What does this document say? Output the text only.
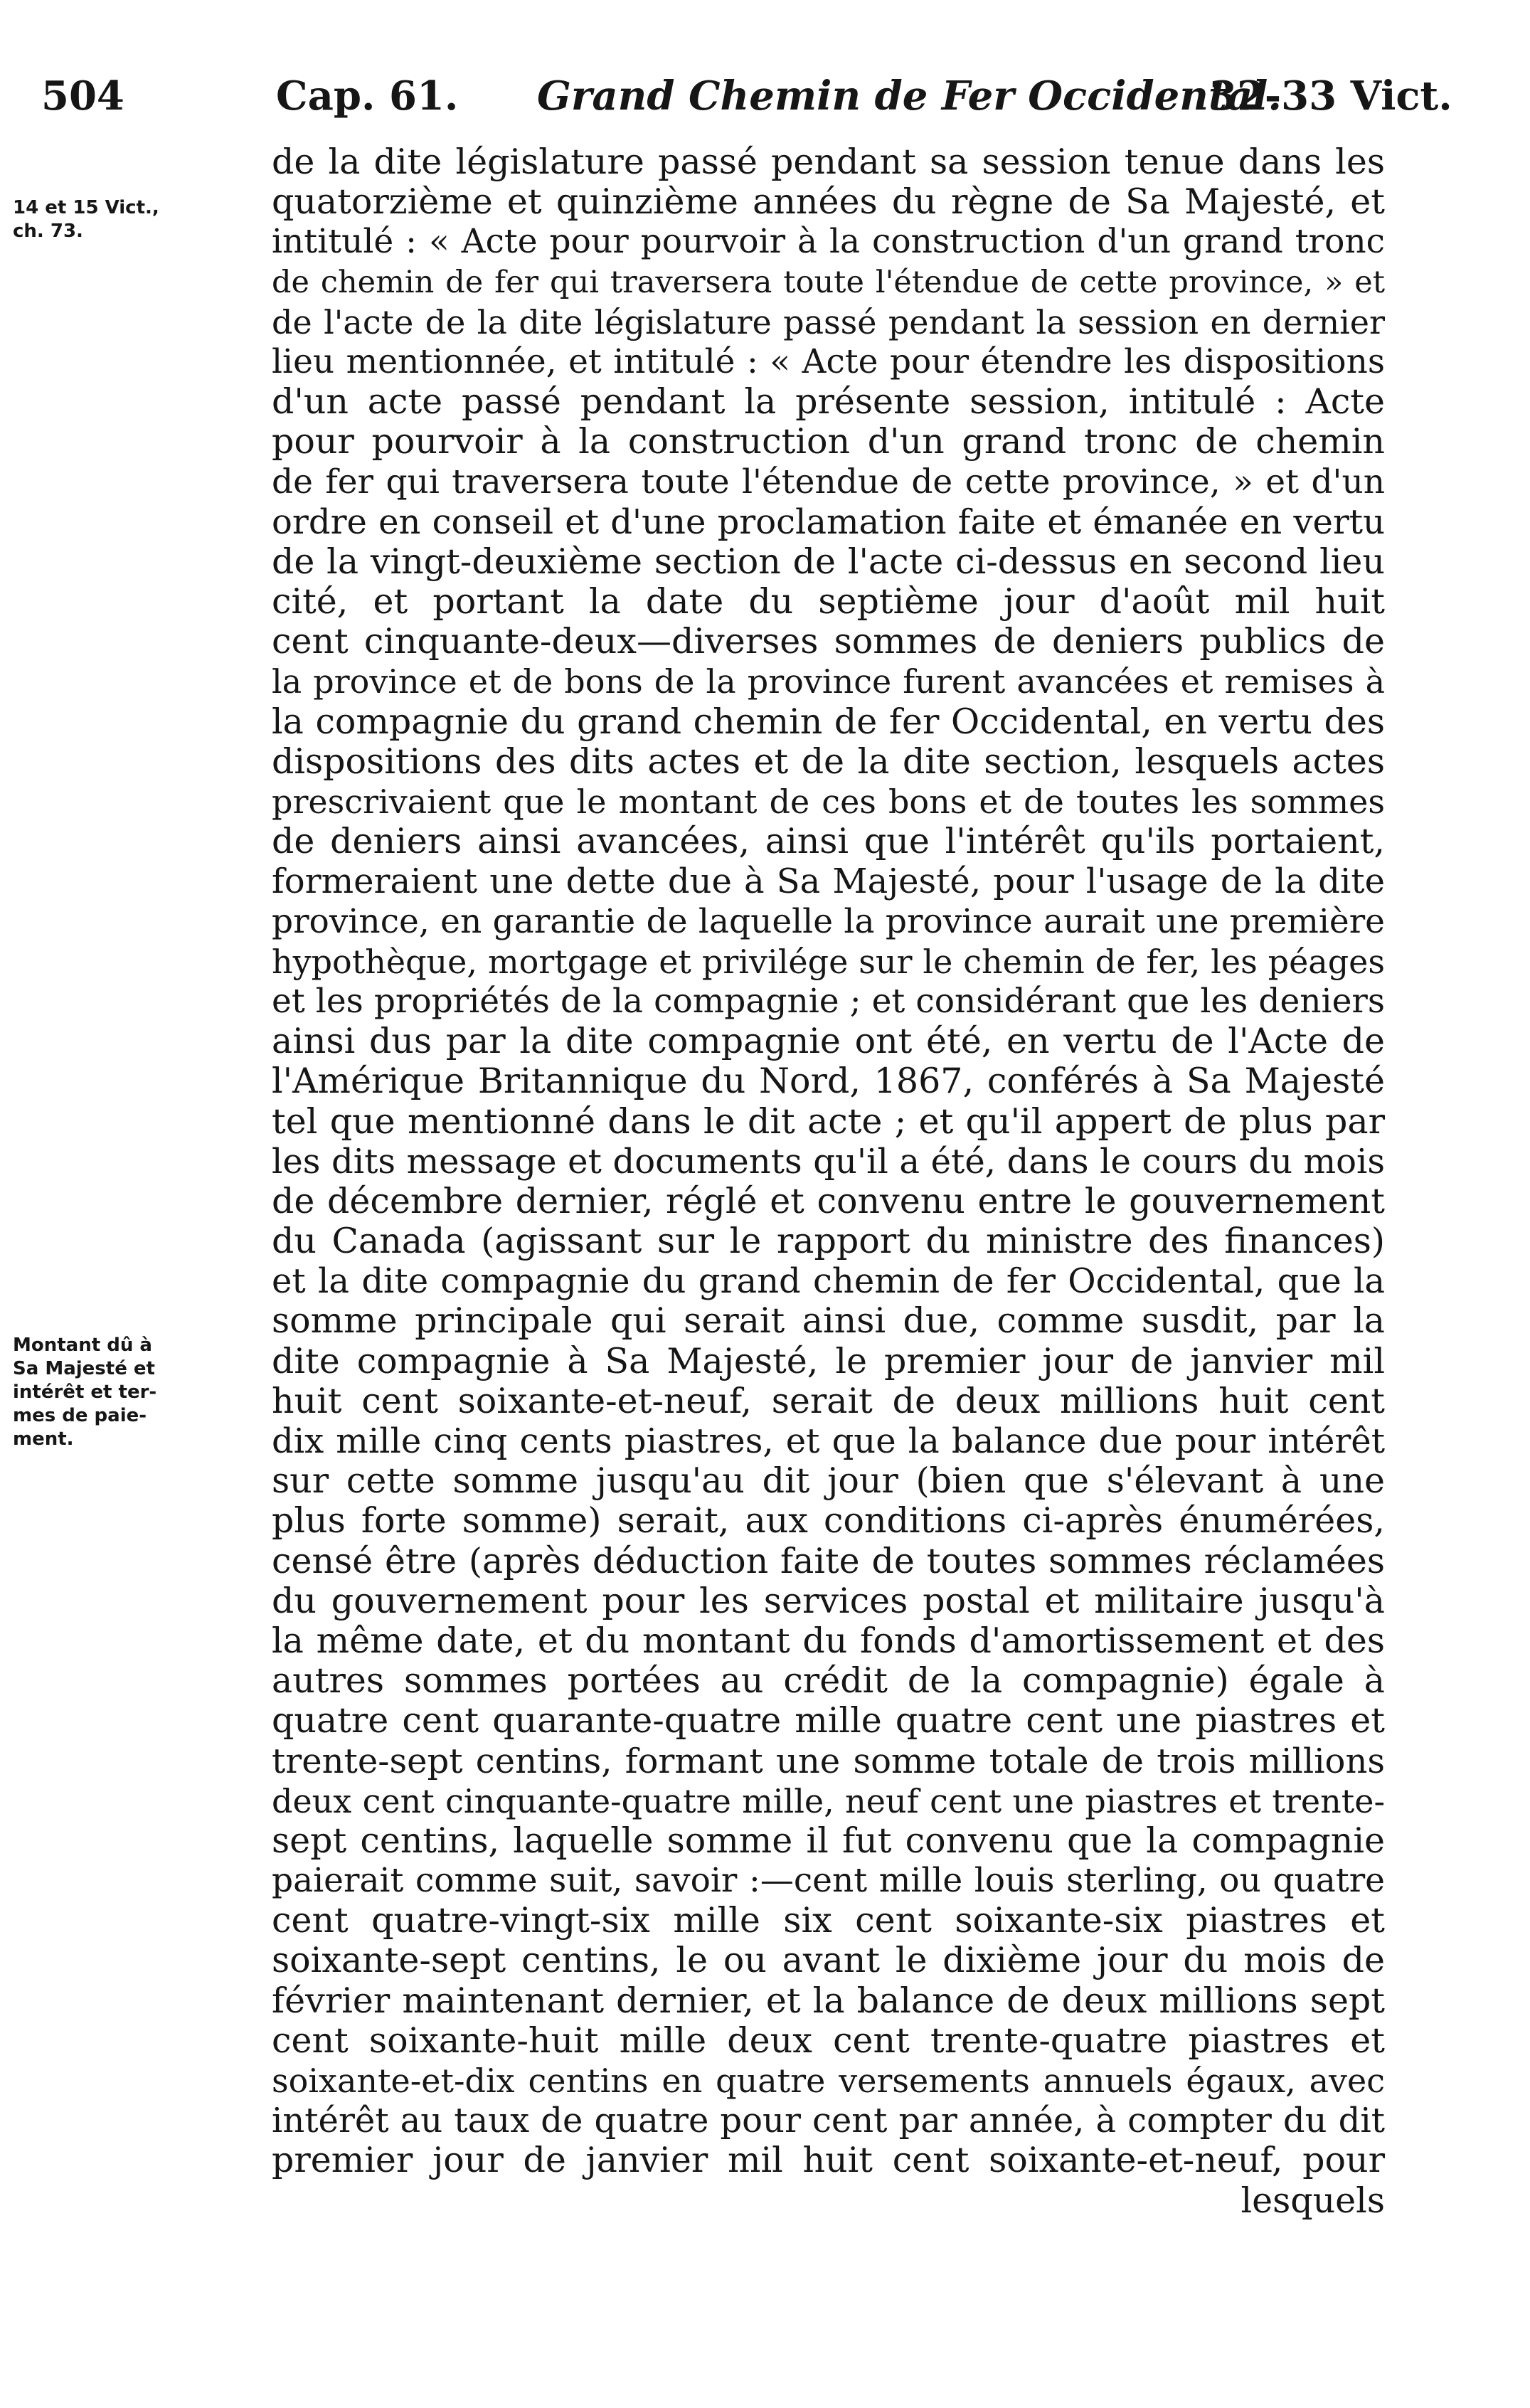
504	Cap. 61. Grand Chemin de Fer Occidental.
32-33 Vict.
14 et 15 Vict.,
ch. 73.
Montant dû à
Sa Majesté et
intérêt et ter-
mes de paie-
ment.
de la dite législature passé pendant sa session tenue dans les
quatorzième et quinzième années du règne de Sa Majesté, et
intitulé : « Acte pour pourvoir à la construction d'un grand tronc
de chemin de fer qui traversera toute l'étendue de cette province, » et
de l'acte de la dite législature passé pendant la session en dernier
lieu mentionnée, et intitulé : « Acte pour étendre les dispositions
d'un acte passé pendant la présente session, intitulé : Acte
pour pourvoir à la construction d'un grand tronc de chemin
de fer qui traversera toute l'étendue de cette province, » et d'un
ordre en conseil et d'une proclamation faite et émanée en vertu
de la vingt-deuxième section de l'acte ci-dessus en second lieu
cité, et portant la date du septième jour d'août mil huit
cent cinquante-deux—diverses sommes de deniers publics de
la province et de bons de la province furent avancées et remises à
la compagnie du grand chemin de fer Occidental, en vertu des
dispositions des dits actes et de la dite section, lesquels actes
prescrivaient que le montant de ces bons et de toutes les sommes
de deniers ainsi avancées, ainsi que l'intérêt qu'ils portaient,
formeraient une dette due à Sa Majesté, pour l'usage de la dite
province, en garantie de laquelle la province aurait une première
hypothèque, mortgage et privilége sur le chemin de fer, les péages
et les propriétés de la compagnie ; et considérant que les deniers
ainsi dus par la dite compagnie ont été, en vertu de l'Acte de
l'Amérique Britannique du Nord, 1867, conférés à Sa Majesté
tel que mentionné dans le dit acte ; et qu'il appert de plus par
les dits message et documents qu'il a été, dans le cours du mois
de décembre dernier, réglé et convenu entre le gouvernement
du Canada (agissant sur le rapport du ministre des finances)
et la dite compagnie du grand chemin de fer Occidental, que la
somme principale qui serait ainsi due, comme susdit, par la
dite compagnie à Sa Majesté, le premier jour de janvier mil
huit cent soixante-et-neuf, serait de deux millions huit cent
dix mille cinq cents piastres, et que la balance due pour intérêt
sur cette somme jusqu'au dit jour (bien que s'élevant à une
plus forte somme) serait, aux conditions ci-après énumérées,
censé être (après déduction faite de toutes sommes réclamées
du gouvernement pour les services postal et militaire jusqu'à
la même date, et du montant du fonds d'amortissement et des
autres sommes portées au crédit de la compagnie) égale à
quatre cent quarante-quatre mille quatre cent une piastres et
trente-sept centins, formant une somme totale de trois millions
deux cent cinquante-quatre mille, neuf cent une piastres et trente-
sept centins, laquelle somme il fut convenu que la compagnie
paierait comme suit, savoir :—cent mille louis sterling, ou quatre
cent quatre-vingt-six mille six cent soixante-six piastres et
soixante-sept centins, le ou avant le dixième jour du mois de
février maintenant dernier, et la balance de deux millions sept
cent soixante-huit mille deux cent trente-quatre piastres et
soixante-et-dix centins en quatre versements annuels égaux, avec
intérêt au taux de quatre pour cent par année, à compter du dit
premier jour de janvier mil huit cent soixante-et-neuf, pour
lesquels
